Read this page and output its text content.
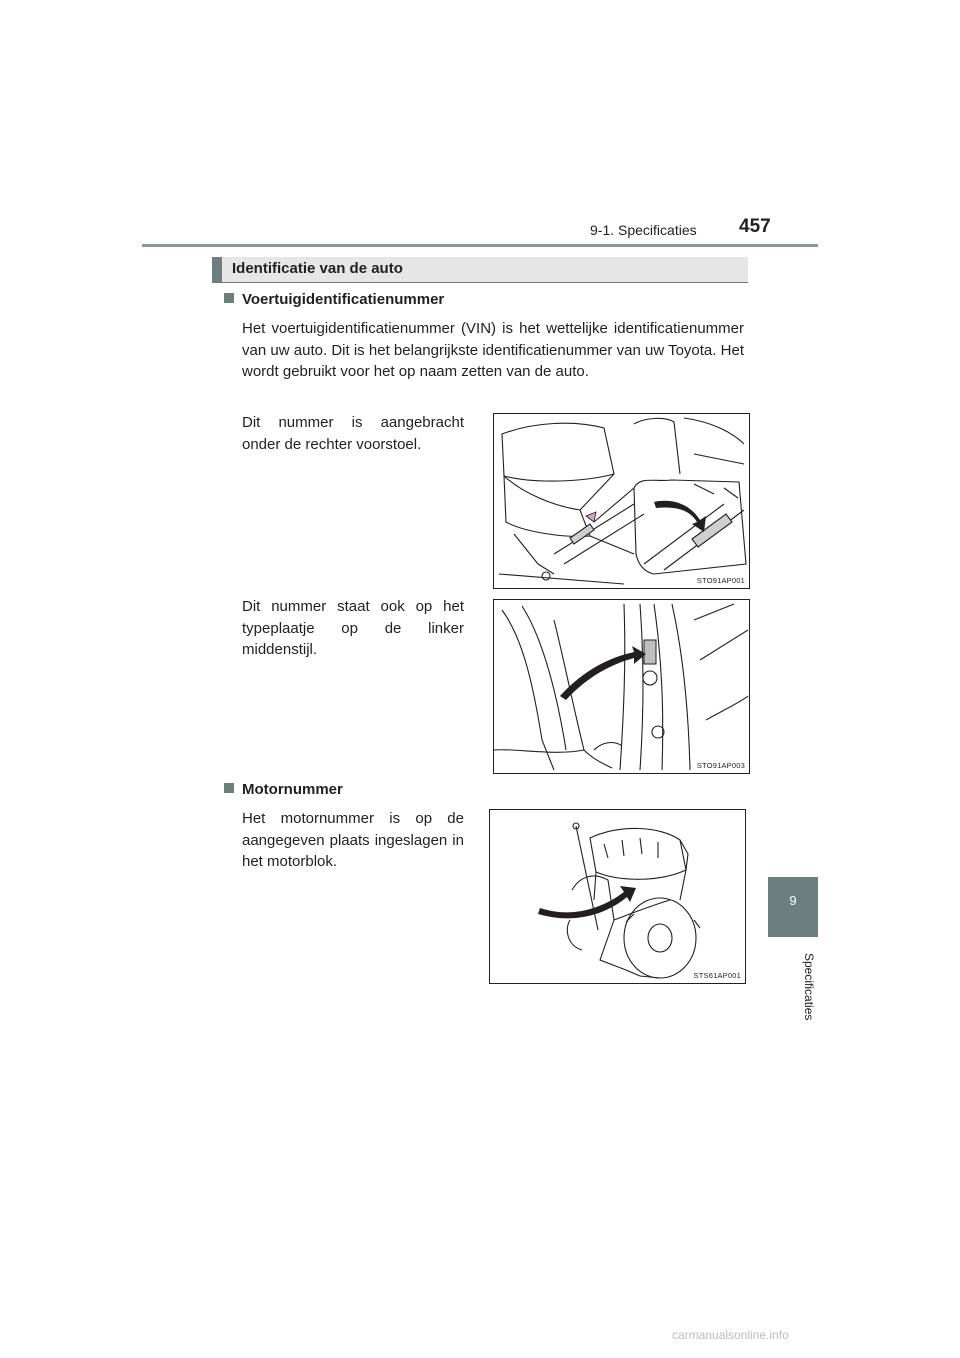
9-1. Specificaties 457
9
Specificaties
Identificatie van de auto
Voertuigidentificatienummer
Het voertuigidentificatienummer (VIN) is het wettelijke identificatienummer van uw auto. Dit is het belangrijkste identificatienummer van uw Toyota. Het wordt gebruikt voor het op naam zetten van de auto.
Dit nummer is aangebracht onder de rechter voorstoel.
STO91AP001
Dit nummer staat ook op het typeplaatje op de linker middenstijl.
STO91AP003
Motornummer
Het motornummer is op de aangegeven plaats ingeslagen in het motorblok.
STS61AP001
carmanualsonline.info
